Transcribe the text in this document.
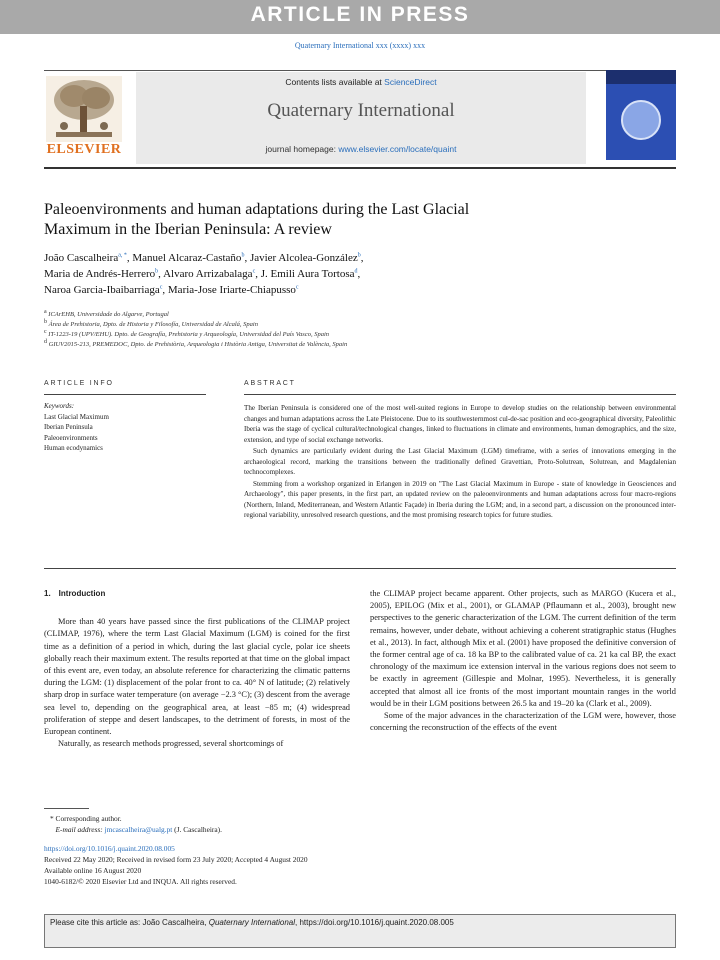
ARTICLE IN PRESS
Quaternary International xxx (xxxx) xxx
ELSEVIER
Contents lists available at ScienceDirect
Quaternary International
journal homepage: www.elsevier.com/locate/quaint
Paleoenvironments and human adaptations during the Last Glacial
Maximum in the Iberian Peninsula: A review
João Cascalheira$^{a, *}$, Manuel Alcaraz-Castaño$^b$, Javier Alcolea-González$^b$,
Maria de Andrés-Herrero$^b$, Alvaro Arrizabalaga$^c$, J. Emili Aura Tortosa$^d$,
Naroa Garcia-Ibaibarriaga$^c$, Maria-Jose Iriarte-Chiapusso$^c$
$^a$ ICArEHB, Universidade do Algarve, Portugal
$^b$ Área de Prehistoria, Dpto. de Historia y Filosofía, Universidad de Alcalá, Spain
$^c$ IT-1223-19 (UPV/EHU). Dpto. de Geografía, Prehistoria y Arqueología, Universidad del País Vasco, Spain
$^d$ GIUV2015-213, PREMEDOC, Dpto. de Prehistòria, Arqueologia i Història Antiga, Universitat de València, Spain
ARTICLE INFO
Keywords:
Last Glacial Maximum
Iberian Peninsula
Paleoenvironments
Human ecodynamics
ABSTRACT

The Iberian Peninsula is considered one of the most well-suited regions in Europe to develop studies on the relationship between environmental changes and human adaptations across the Late Pleistocene. Due to its southwesternmost cul-de-sac position and eco-geographical diversity, Paleolithic Iberia was the stage of cyclical cultural/technological changes, linked to fluctuations in climate and environments, human demographics, and the size, extension, and type of social exchange networks.

Such dynamics are particularly evident during the Last Glacial Maximum (LGM) timeframe, with a series of innovations emerging in the archaeological record, marking the transitions between the traditionally defined Gravettian, Proto-Solutrean, Solutrean, and Magdalenian technocomplexes.

Stemming from a workshop organized in Erlangen in 2019 on "The Last Glacial Maximum in Europe - state of knowledge in Geosciences and Archaeology", this paper presents, in the first part, an updated review on the paleoenvironments and human adaptations across four macro-regions (Northern, Inland, Mediterranean, and Western Atlantic Façade) in Iberia during the LGM; and, in a second part, a discussion on the pronounced inter-regional variability, unresolved research questions, and the most promising research topics for future studies.

1. Introduction

More than 40 years have passed since the first publications of the CLIMAP project (CLIMAP, 1976), where the term Last Glacial Maximum (LGM) is coined for the first time as a definition of a period in which, during the last glacial cycle, polar ice sheets globally reach their maximum extent. The results reported at that time on the global impact of this event are, even today, an absolute reference for characterizing the climatic patterns during the LGM: (1) displacement of the polar front to ca. 40° N of latitude; (2) relatively sharp drop in surface water temperature (on average −2.3 °C); (3) descent from the average sea level to, depending on the geographical area, at least −85 m; (4) widespread proliferation of steppe and desert landscapes, to the detriment of forests, in most of the European continent.

Naturally, as research methods progressed, several shortcomings of

the CLIMAP project became apparent. Other projects, such as MARGO (Kucera et al., 2005), EPILOG (Mix et al., 2001), or GLAMAP (Pflaumann et al., 2003), brought new perspectives to the generic characterization of the LGM. The current definition of the term remains, however, under debate, without achieving a coherent stratigraphic status (Hughes et al., 2013). In fact, although Mix et al. (2001) have proposed the definitive conversion of the former central age of ca. 18 ka BP to the calibrated value of ca. 21 ka cal BP, the exact chronology of the maximum ice extension interval in the various regions does not seem to be exactly in agreement (Gillespie and Molnar, 1995). Nevertheless, it is generally accepted that almost all ice fronts of the most important mountain ranges in the world would be in their LGM positions between 26.5 ka and 19–20 ka (Clark et al., 2009).

Some of the major advances in the characterization of the LGM were, however, those concerning the reconstruction of the effects of the event

* Corresponding author.
E-mail address: jmcascalheira@ualg.pt (J. Cascalheira).
https://doi.org/10.1016/j.quaint.2020.08.005
Received 22 May 2020; Received in revised form 23 July 2020; Accepted 4 August 2020
Available online 16 August 2020
1040-6182/© 2020 Elsevier Ltd and INQUA. All rights reserved.
Please cite this article as: João Cascalheira, Quaternary International, https://doi.org/10.1016/j.quaint.2020.08.005
